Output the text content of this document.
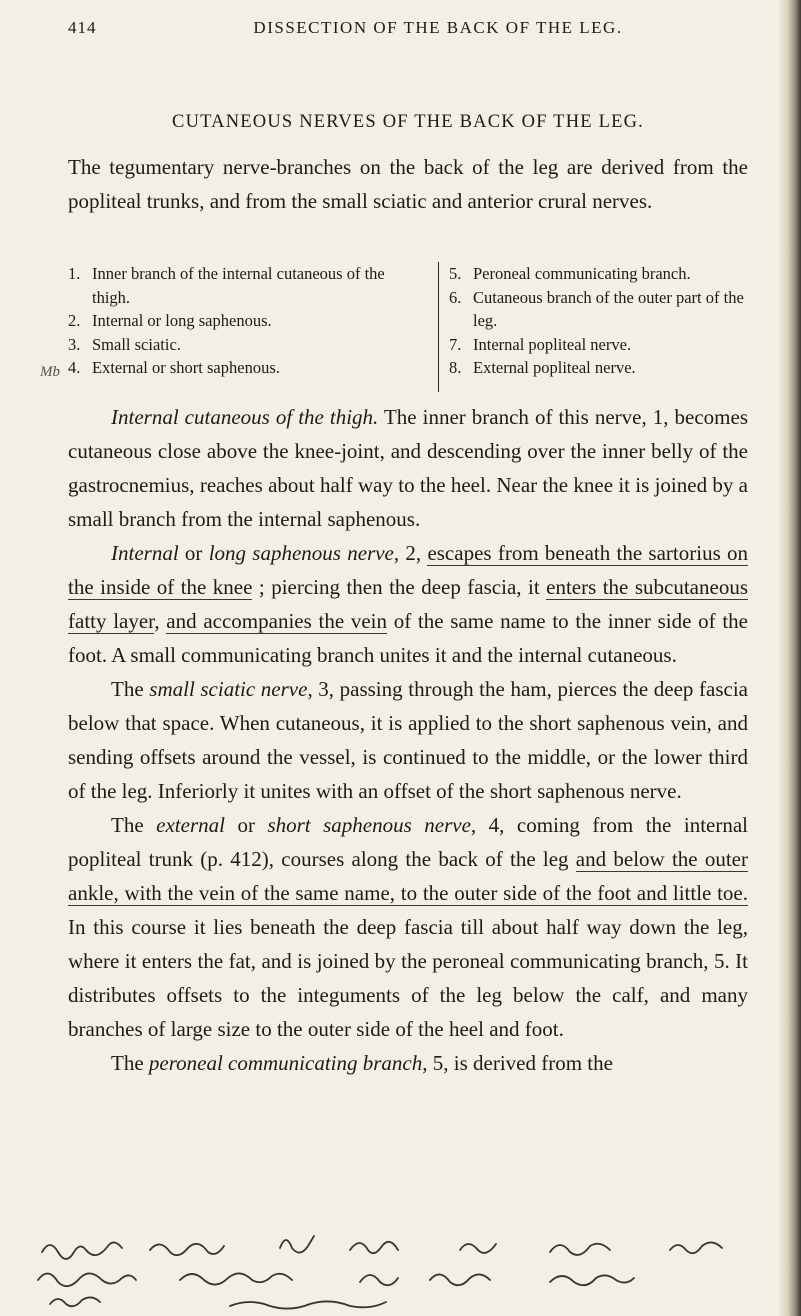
414	DISSECTION OF THE BACK OF THE LEG.
CUTANEOUS NERVES OF THE BACK OF THE LEG.

The tegumentary nerve-branches on the back of the leg are derived from the popliteal trunks, and from the small sciatic and anterior crural nerves.

1. Inner branch of the internal cutaneous of the thigh.
2. Internal or long saphenous.
3. Small sciatic.
4. External or short saphenous.
5. Peroneal communicating branch.
6. Cutaneous branch of the outer part of the leg.
7. Internal popliteal nerve.
8. External popliteal nerve.
Mb

Internal cutaneous of the thigh. The inner branch of this nerve, 1, becomes cutaneous close above the knee-joint, and descending over the inner belly of the gastrocnemius, reaches about half way to the heel. Near the knee it is joined by a small branch from the internal saphenous.

Internal or long saphenous nerve, 2, escapes from beneath the sartorius on the inside of the knee ; piercing then the deep fascia, it enters the subcutaneous fatty layer, and accompanies the vein of the same name to the inner side of the foot. A small communicating branch unites it and the internal cutaneous.

The small sciatic nerve, 3, passing through the ham, pierces the deep fascia below that space. When cutaneous, it is applied to the short saphenous vein, and sending offsets around the vessel, is continued to the middle, or the lower third of the leg. Inferiorly it unites with an offset of the short saphenous nerve.

The external or short saphenous nerve, 4, coming from the internal popliteal trunk (p. 412), courses along the back of the leg and below the outer ankle, with the vein of the same name, to the outer side of the foot and little toe. In this course it lies beneath the deep fascia till about half way down the leg, where it enters the fat, and is joined by the peroneal communicating branch, 5. It distributes offsets to the integuments of the leg below the calf, and many branches of large size to the outer side of the heel and foot.

The peroneal communicating branch, 5, is derived from the
